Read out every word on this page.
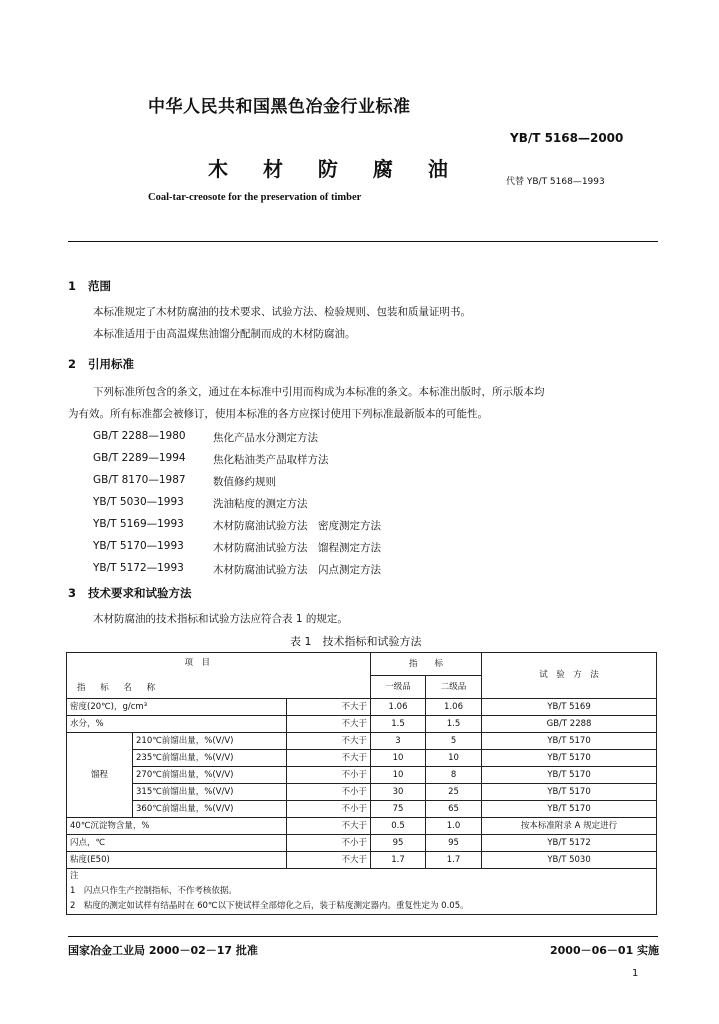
中华人民共和国黑色冶金行业标准
YB/T 5168—2000
木 材 防 腐 油
代替 YB/T 5168—1993
Coal-tar-creosote for the preservation of timber
1 范围
本标准规定了木材防腐油的技术要求、试验方法、检验规则、包装和质量证明书。
本标准适用于由高温煤焦油馏分配制而成的木材防腐油。
2 引用标准
下列标准所包含的条文，通过在本标准中引用而构成为本标准的条文。本标准出版时，所示版本均
为有效。所有标准都会被修订，使用本标准的各方应探讨使用下列标准最新版本的可能性。
GB/T 2288—1980	焦化产品水分测定方法
GB/T 2289—1994	焦化粘油类产品取样方法
GB/T 8170—1987	数值修约规则
YB/T 5030—1993	洗油粘度的测定方法
YB/T 5169—1993	木材防腐油试验方法　密度测定方法
YB/T 5170—1993	木材防腐油试验方法　馏程测定方法
YB/T 5172—1993	木材防腐油试验方法　闪点测定方法
3 技术要求和试验方法
木材防腐油的技术指标和试验方法应符合表 1 的规定。
表 1　技术指标和试验方法
项　目
指 标 名 称			指　　标		试　验　方　法
			一级品	二级品	
密度(20℃)，g/cm³		不大于	1.06	1.06	YB/T 5169
水分，%		不大于	1.5	1.5	GB/T 2288
馏程	210℃前馏出量，%(V/V)	不大于	3	5	YB/T 5170
	235℃前馏出量，%(V/V)	不大于	10	10	YB/T 5170
	270℃前馏出量，%(V/V)	不小于	10	8	YB/T 5170
	315℃前馏出量，%(V/V)	不小于	30	25	YB/T 5170
	360℃前馏出量，%(V/V)	不小于	75	65	YB/T 5170
40℃沉淀物含量，%		不大于	0.5	1.0	按本标准附录 A 规定进行
闪点，℃		不小于	95	95	YB/T 5172
粘度(E50)		不大于	1.7	1.7	YB/T 5030

注
1　闪点只作生产控制指标，不作考核依据。
2　粘度的测定如试样有结晶时在 60℃以下使试样全部熔化之后，装于粘度测定器内。重复性定为 0.05。					
国家冶金工业局 2000－02－17 批准	2000－06－01 实施
1
